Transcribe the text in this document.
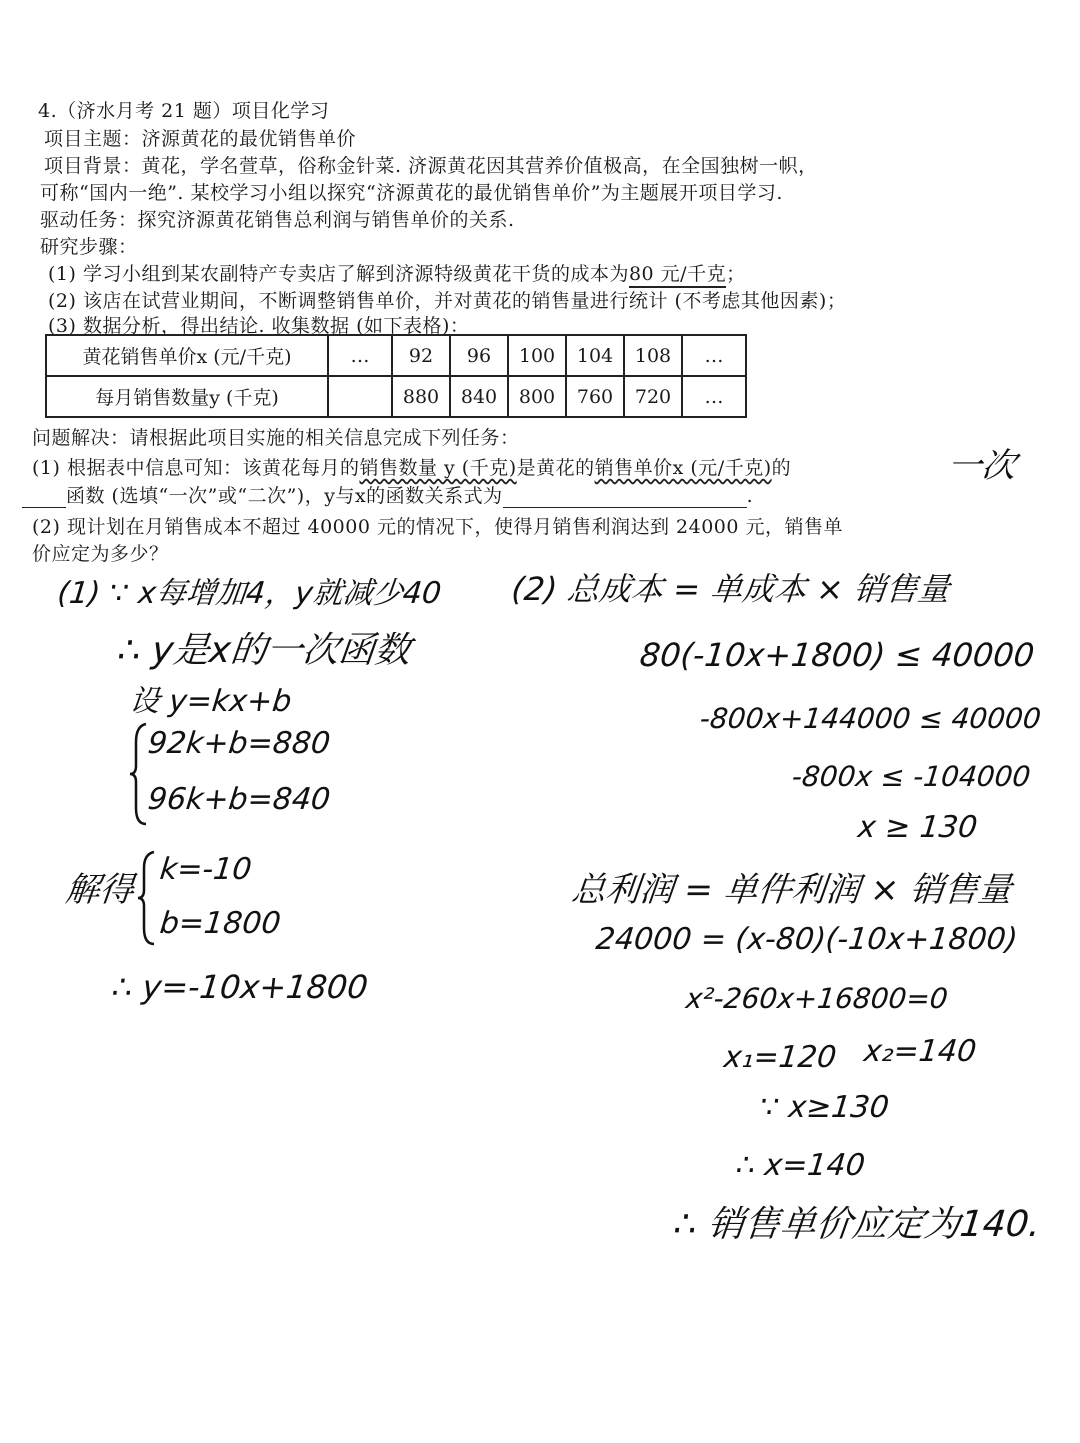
4.（济水月考 21 题）项目化学习
项目主题：济源黄花的最优销售单价
项目背景：黄花，学名萱草，俗称金针菜. 济源黄花因其营养价值极高，在全国独树一帜，
可称“国内一绝”. 某校学习小组以探究“济源黄花的最优销售单价”为主题展开项目学习.
驱动任务：探究济源黄花销售总利润与销售单价的关系.
研究步骤：
(1) 学习小组到某农副特产专卖店了解到济源特级黄花干货的成本为80 元/千克；
(2) 该店在试营业期间，不断调整销售单价，并对黄花的销售量进行统计 (不考虑其他因素)；
(3) 数据分析，得出结论. 收集数据 (如下表格)：
黄花销售单价x (元/千克)	…	92	96	100	104	108	…
每月销售数量y (千克)		880	840	800	760	720	…
问题解决：请根据此项目实施的相关信息完成下列任务：
(1) 根据表中信息可知：该黄花每月的销售数量 y (千克)是黄花的销售单价x (元/千克)的	一次
函数 (选填“一次”或“二次”)，y与x的函数关系式为	.
(2) 现计划在月销售成本不超过 40000 元的情况下，使得月销售利润达到 24000 元，销售单
价应定为多少？
(1) ∵ x每增加4，y就减少40
∴ y是x的一次函数
设 y=kx+b
92k+b=880
96k+b=840
解得
k=-10
b=1800
∴ y=-10x+1800
(2) 总成本 = 单成本 × 销售量
80(-10x+1800) ≤ 40000
-800x+144000 ≤ 40000
-800x ≤ -104000
x ≥ 130
总利润 = 单件利润 × 销售量
24000 = (x-80)(-10x+1800)
x²-260x+16800=0
x₁=120 x₂=140
∵ x≥130
∴ x=140
∴ 销售单价应定为140.
